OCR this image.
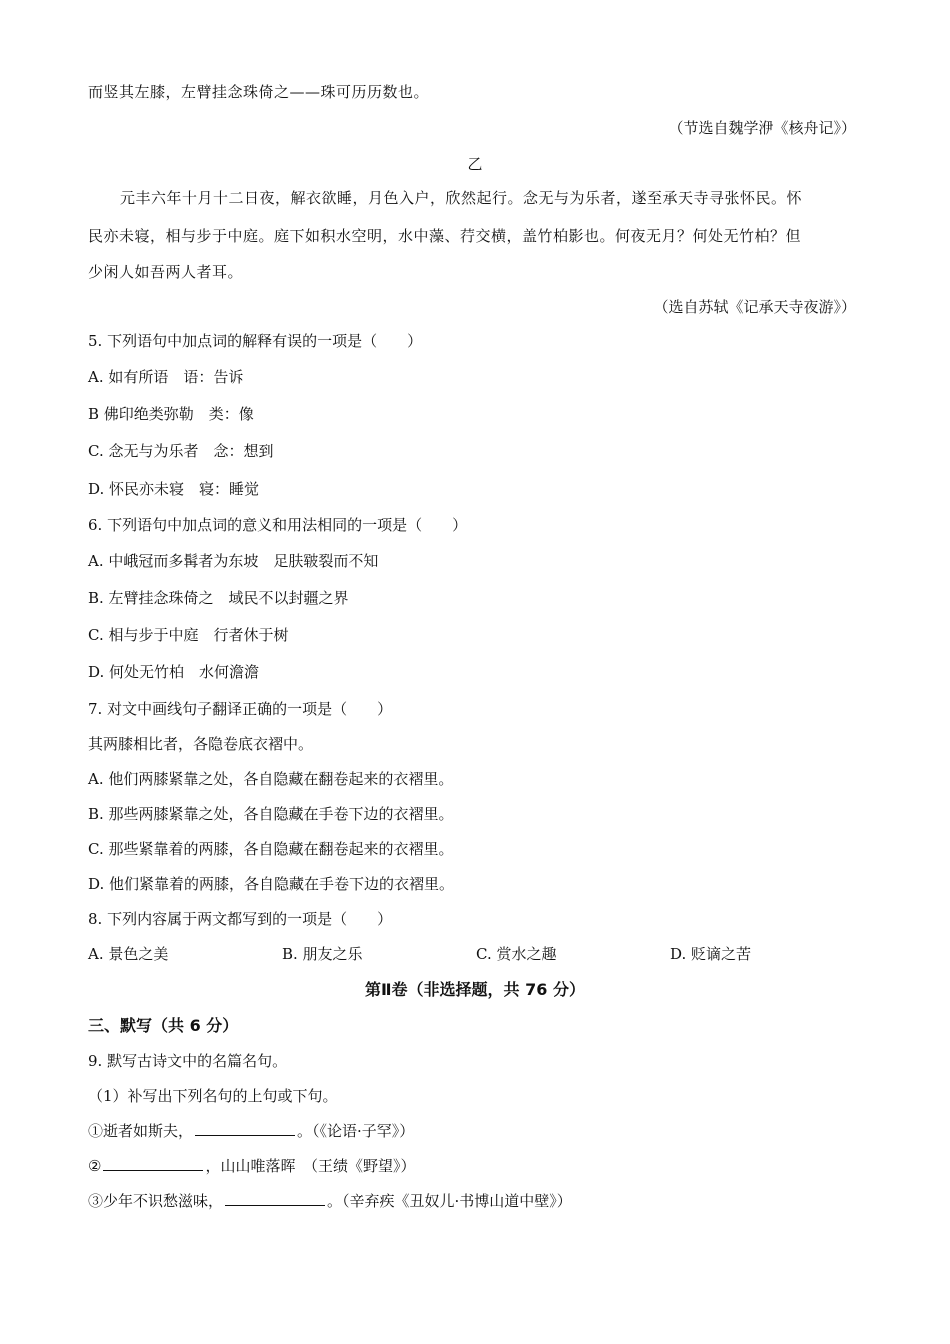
而竖其左膝，左臂挂念珠倚之——珠可历历数也。
（节选自魏学洢《核舟记》）
乙
元丰六年十月十二日夜，解衣欲睡，月色入户，欣然起行。念无与为乐者，遂至承天寺寻张怀民。怀
民亦未寝，相与步于中庭。庭下如积水空明，水中藻、荇交横，盖竹柏影也。何夜无月？何处无竹柏？但
少闲人如吾两人者耳。
（选自苏轼《记承天寺夜游》）
5. 下列语句中加点词的解释有误的一项是（　　）
A. 如有所语　语：告诉
B 佛印绝类弥勒　类：像
C. 念无与为乐者　念：想到
D. 怀民亦未寝　寝：睡觉
6. 下列语句中加点词的意义和用法相同的一项是（　　）
A. 中峨冠而多髯者为东坡　足肤皲裂而不知
B. 左臂挂念珠倚之　域民不以封疆之界
C. 相与步于中庭　行者休于树
D. 何处无竹柏　水何澹澹
7. 对文中画线句子翻译正确的一项是（　　）
其两膝相比者，各隐卷底衣褶中。
A. 他们两膝紧靠之处，各自隐藏在翻卷起来的衣褶里。
B. 那些两膝紧靠之处，各自隐藏在手卷下边的衣褶里。
C. 那些紧靠着的两膝，各自隐藏在翻卷起来的衣褶里。
D. 他们紧靠着的两膝，各自隐藏在手卷下边的衣褶里。
8. 下列内容属于两文都写到的一项是（　　）
A. 景色之美	B. 朋友之乐	C. 赏水之趣	D. 贬谪之苦
第Ⅱ卷（非选择题，共 76 分）
三、默写（共 6 分）
9. 默写古诗文中的名篇名句。
（1）补写出下列名句的上句或下句。
①逝者如斯夫，	。（《论语·子罕》）
②	，山山唯落晖　（王绩《野望》）
③少年不识愁滋味，	。（辛弃疾《丑奴儿·书博山道中壁》）
